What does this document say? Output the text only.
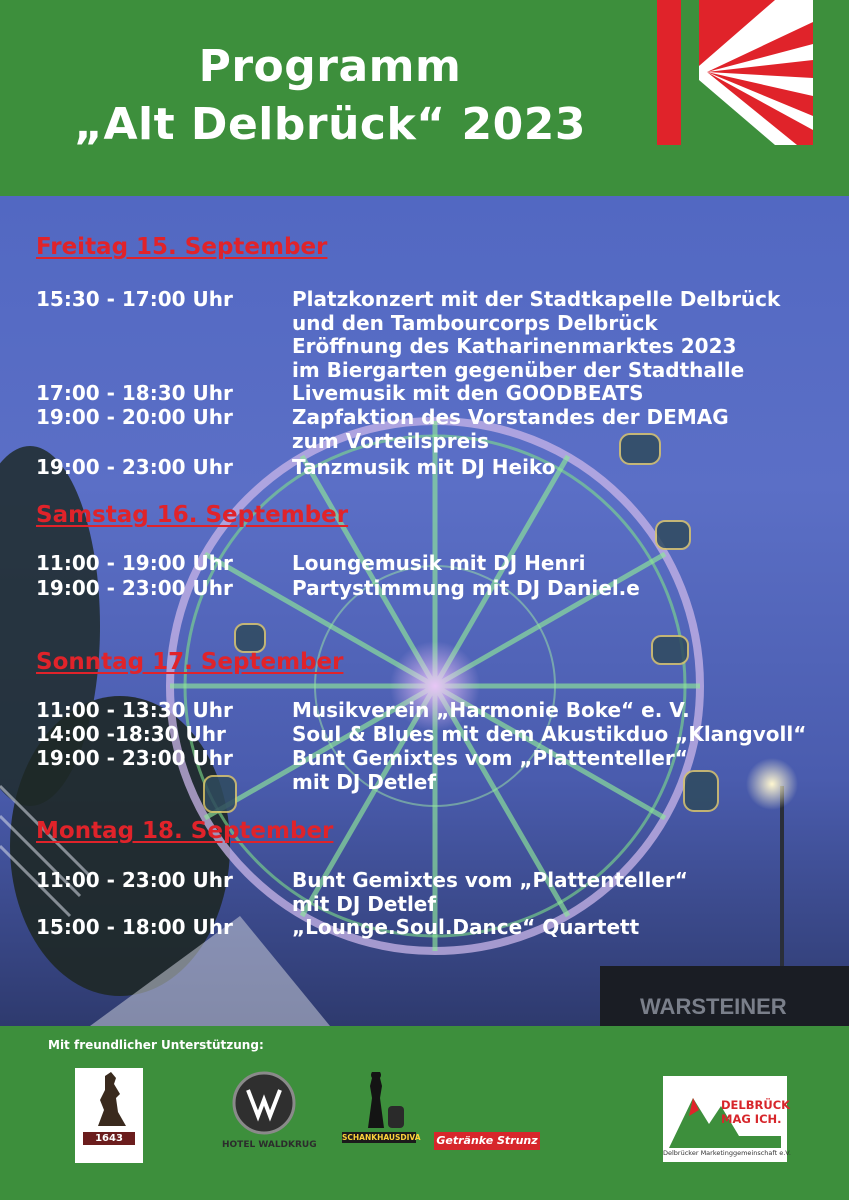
Programm
„Alt Delbrück“ 2023
WARSTEINER
Freitag 15. September
15:30 - 17:00 Uhr	Platzkonzert mit der Stadtkapelle Delbrück
und den Tambourcorps Delbrück
Eröffnung des Katharinenmarktes 2023
im Biergarten gegenüber der Stadthalle
17:00 - 18:30 Uhr	Livemusik mit den GOODBEATS
19:00 - 20:00 Uhr	Zapfaktion des Vorstandes der DEMAG
zum Vorteilspreis
19:00 - 23:00 Uhr	Tanzmusik mit DJ Heiko
Samstag 16. September
11:00 - 19:00 Uhr	Loungemusik mit DJ Henri
19:00 - 23:00 Uhr	Partystimmung mit DJ Daniel.e
Sonntag 17. September
11:00 - 13:30 Uhr	Musikverein „Harmonie Boke“ e. V.
14:00 -18:30 Uhr	Soul & Blues mit dem Akustikduo „Klangvoll“
19:00 - 23:00 Uhr	Bunt Gemixtes vom „Plattenteller“
mit DJ Detlef
Montag 18. September
11:00 - 23:00 Uhr	Bunt Gemixtes vom „Plattenteller“
mit DJ Detlef
15:00 - 18:00 Uhr	„Lounge.Soul.Dance“ Quartett
Mit freundlicher Unterstützung:
1643
HOTEL WALDKRUG
SCHANKHAUSDIVA Getränke Strunz
DELBRÜCK
MAG ICH.
Delbrücker Marketinggemeinschaft e.V.
